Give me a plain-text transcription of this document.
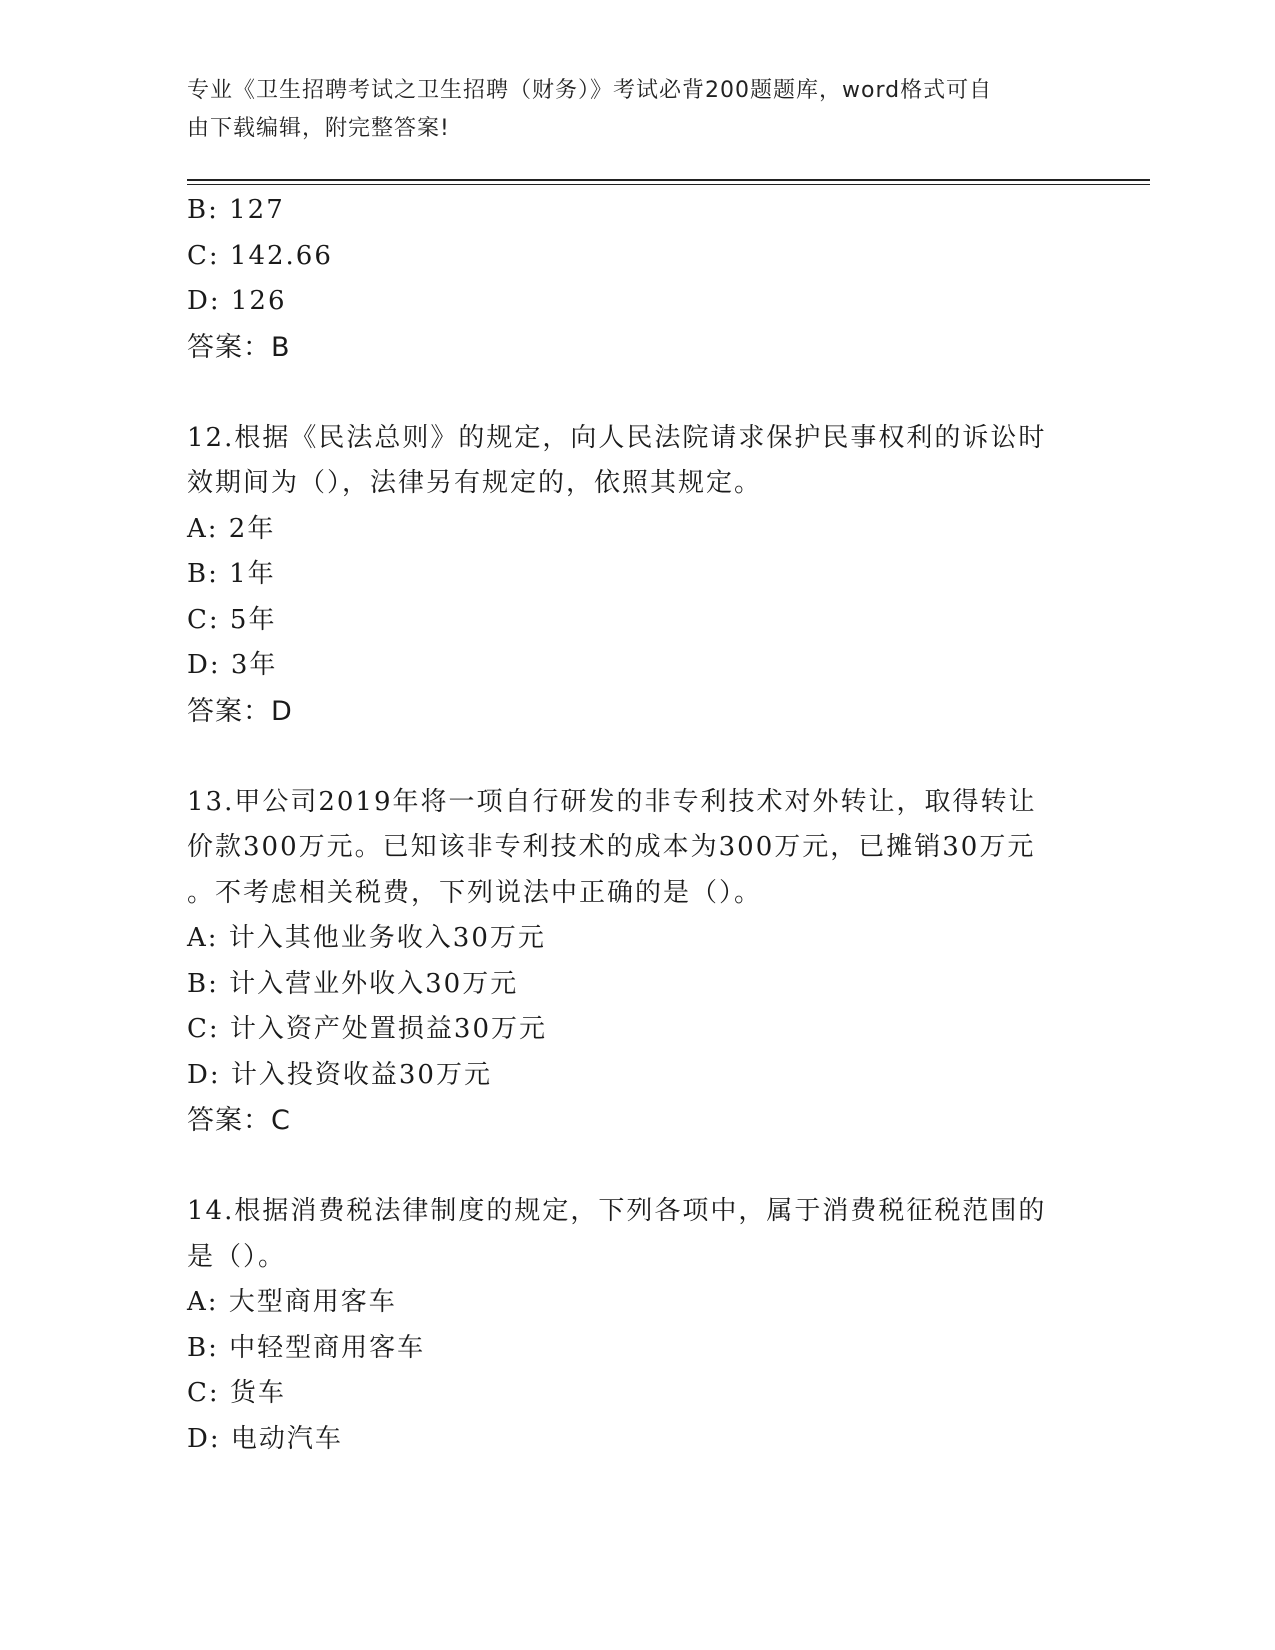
专业《卫生招聘考试之卫生招聘（财务）》考试必背200题题库，word格式可自
由下载编辑，附完整答案!
B: 127
C: 142.66
D: 126
答案：B
12.根据《民法总则》的规定，向人民法院请求保护民事权利的诉讼时
效期间为（），法律另有规定的，依照其规定。
A: 2年
B: 1年
C: 5年
D: 3年
答案：D
13.甲公司2019年将一项自行研发的非专利技术对外转让，取得转让
价款300万元。已知该非专利技术的成本为300万元，已摊销30万元
。不考虑相关税费，下列说法中正确的是（）。
A: 计入其他业务收入30万元
B: 计入营业外收入30万元
C: 计入资产处置损益30万元
D: 计入投资收益30万元
答案：C
14.根据消费税法律制度的规定，下列各项中，属于消费税征税范围的
是（）。
A: 大型商用客车
B: 中轻型商用客车
C: 货车
D: 电动汽车
